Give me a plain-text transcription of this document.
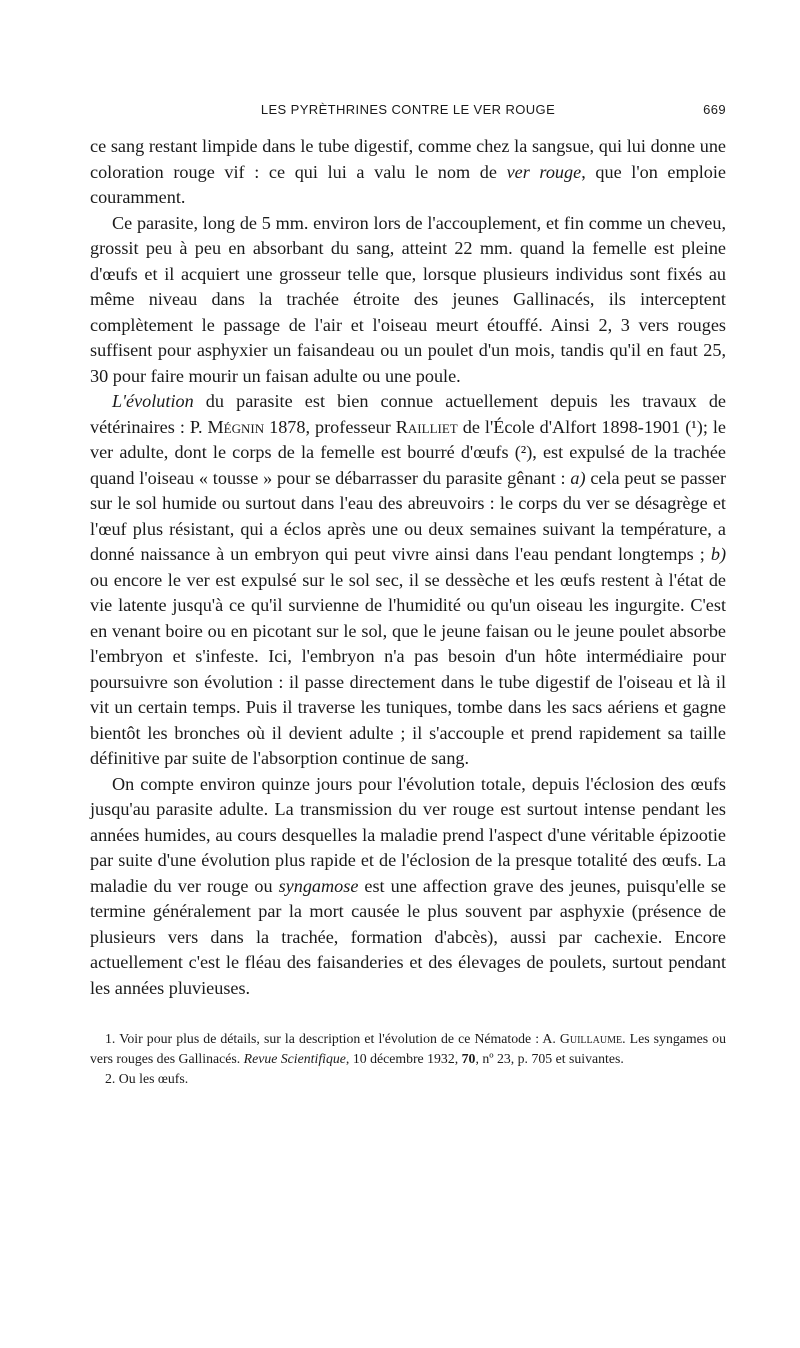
LES PYRÈTHRINES CONTRE LE VER ROUGE	669

ce sang restant limpide dans le tube digestif, comme chez la sangsue, qui lui donne une coloration rouge vif : ce qui lui a valu le nom de ver rouge, que l'on emploie couramment.

Ce parasite, long de 5 mm. environ lors de l'accouplement, et fin comme un cheveu, grossit peu à peu en absorbant du sang, atteint 22 mm. quand la femelle est pleine d'œufs et il acquiert une grosseur telle que, lorsque plusieurs individus sont fixés au même niveau dans la trachée étroite des jeunes Gallinacés, ils interceptent complètement le passage de l'air et l'oiseau meurt étouffé. Ainsi 2, 3 vers rouges suffisent pour asphyxier un faisandeau ou un poulet d'un mois, tandis qu'il en faut 25, 30 pour faire mourir un faisan adulte ou une poule.

L'évolution du parasite est bien connue actuellement depuis les travaux de vétérinaires : P. Mégnin 1878, professeur Railliet de l'École d'Alfort 1898-1901 (¹); le ver adulte, dont le corps de la femelle est bourré d'œufs (²), est expulsé de la trachée quand l'oiseau « tousse » pour se débarrasser du parasite gênant : a) cela peut se passer sur le sol humide ou surtout dans l'eau des abreuvoirs : le corps du ver se désagrège et l'œuf plus résistant, qui a éclos après une ou deux semaines suivant la température, a donné naissance à un embryon qui peut vivre ainsi dans l'eau pendant longtemps ; b) ou encore le ver est expulsé sur le sol sec, il se dessèche et les œufs restent à l'état de vie latente jusqu'à ce qu'il survienne de l'humidité ou qu'un oiseau les ingurgite. C'est en venant boire ou en picotant sur le sol, que le jeune faisan ou le jeune poulet absorbe l'embryon et s'infeste. Ici, l'embryon n'a pas besoin d'un hôte intermédiaire pour poursuivre son évolution : il passe directement dans le tube digestif de l'oiseau et là il vit un certain temps. Puis il traverse les tuniques, tombe dans les sacs aériens et gagne bientôt les bronches où il devient adulte ; il s'accouple et prend rapidement sa taille définitive par suite de l'absorption continue de sang.

On compte environ quinze jours pour l'évolution totale, depuis l'éclosion des œufs jusqu'au parasite adulte. La transmission du ver rouge est surtout intense pendant les années humides, au cours desquelles la maladie prend l'aspect d'une véritable épizootie par suite d'une évolution plus rapide et de l'éclosion de la presque totalité des œufs. La maladie du ver rouge ou syngamose est une affection grave des jeunes, puisqu'elle se termine généralement par la mort causée le plus souvent par asphyxie (présence de plusieurs vers dans la trachée, formation d'abcès), aussi par cachexie. Encore actuellement c'est le fléau des faisanderies et des élevages de poulets, surtout pendant les années pluvieuses.

1. Voir pour plus de détails, sur la description et l'évolution de ce Nématode : A. Guillaume. Les syngames ou vers rouges des Gallinacés. Revue Scientifique, 10 décembre 1932, 70, nº 23, p. 705 et suivantes.

2. Ou les œufs.
